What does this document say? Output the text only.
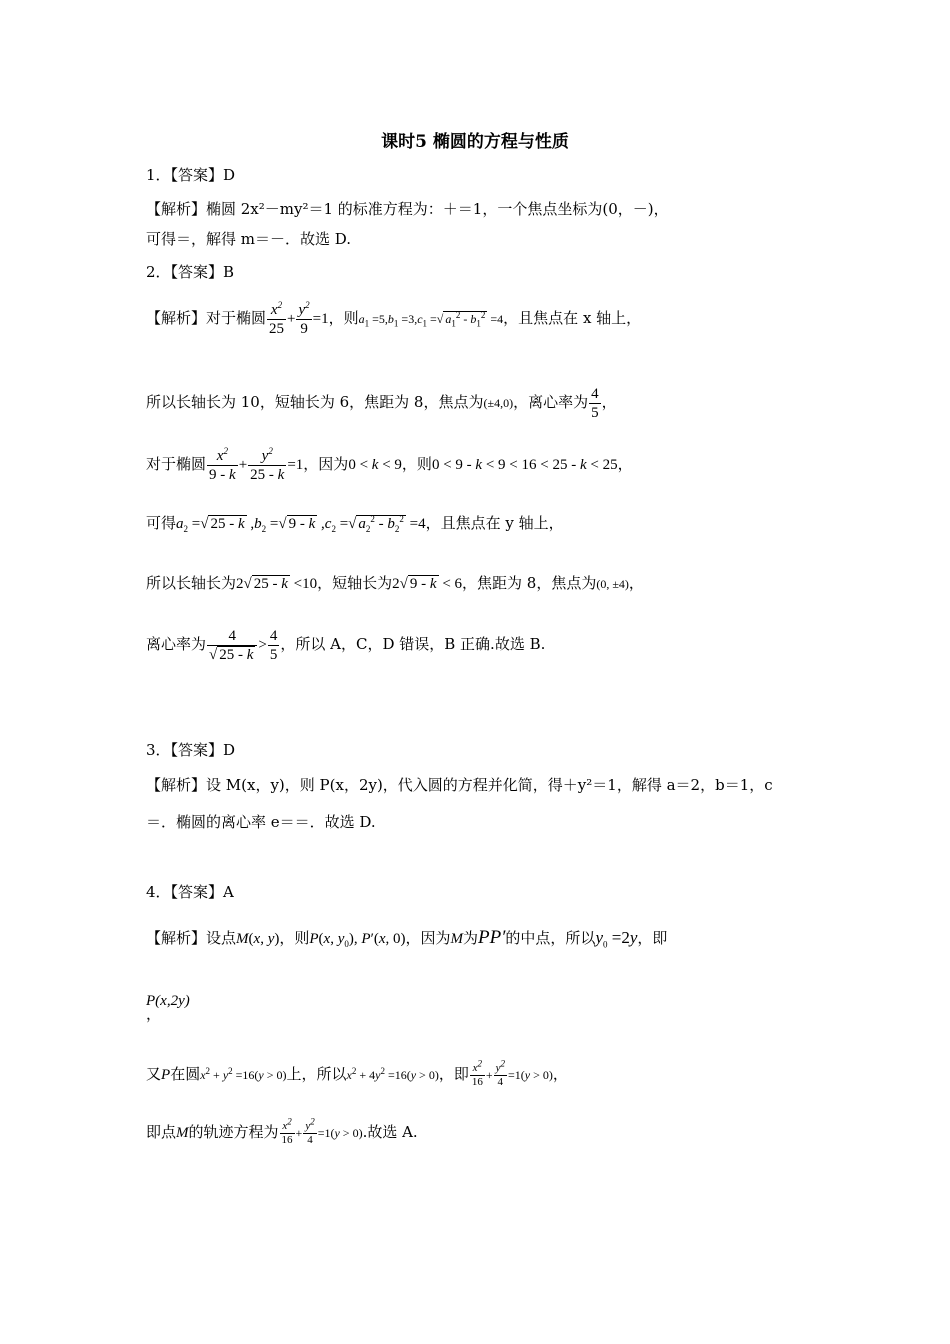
课时5 椭圆的方程与性质
1．【答案】D
【解析】椭圆 2x²－my²＝1 的标准方程为：＋＝1，一个焦点坐标为(0，－)，
可得＝，解得 m＝－．故选 D.
2．【答案】B
【解析】对于椭圆 $\frac{x^2}{25} + \frac{y^2}{9} =1$，则$a_1 =5,b_1 =3,c_1$ =√ $a_1^2 - b_1^2 =4$，且焦点在 x 轴上，
所以长轴长为 10，短轴长为 6，焦距为 8，焦点为(±4,0)，离心率为 $\frac{4}{5}$ ，
对于椭圆 $\frac{x^2}{9 - k} + \frac{y^2}{25 - k} =1$，因为0 < k < 9，则0 < 9 - k < 9 < 16 < 25 - k < 25，
可得$a_2$ =√ 25 - k $,b_2$ =√ 9 - k $,c_2$ =√ $a_2^2 - b_2^2 =4$，且焦点在 y 轴上，
所以长轴长为2√ 25 - k <10，短轴长为2√ 9 - k < 6，焦距为 8，焦点为(0, ±4)，
离心率为 $\frac{4}{√ 25 - k} > \frac{4}{5}$ ，所以 A，C，D 错误，B 正确.故选 B.
3．【答案】D
【解析】设 M(x，y)，则 P(x，2y)，代入圆的方程并化简，得＋y²＝1，解得 a＝2，b＝1，c
＝．椭圆的离心率 e＝＝．故选 D.
4．【答案】A
【解析】设点M(x, y)，则P(x, $y_0$), P′(x, 0)，因为M为PP′的中点，所以$y_0 =2y$，即
P(x,2y)
，
又P在圆$x^2 + y^2 =16(y > 0)$上，所以$x^2 + 4y^2 =16(y > 0)$，即 $\frac{x^2}{16} + \frac{y^2}{4} =1(y > 0)$，
即点M的轨迹方程为 $\frac{x^2}{16} + \frac{y^2}{4} =1(y > 0)$.故选 A.
